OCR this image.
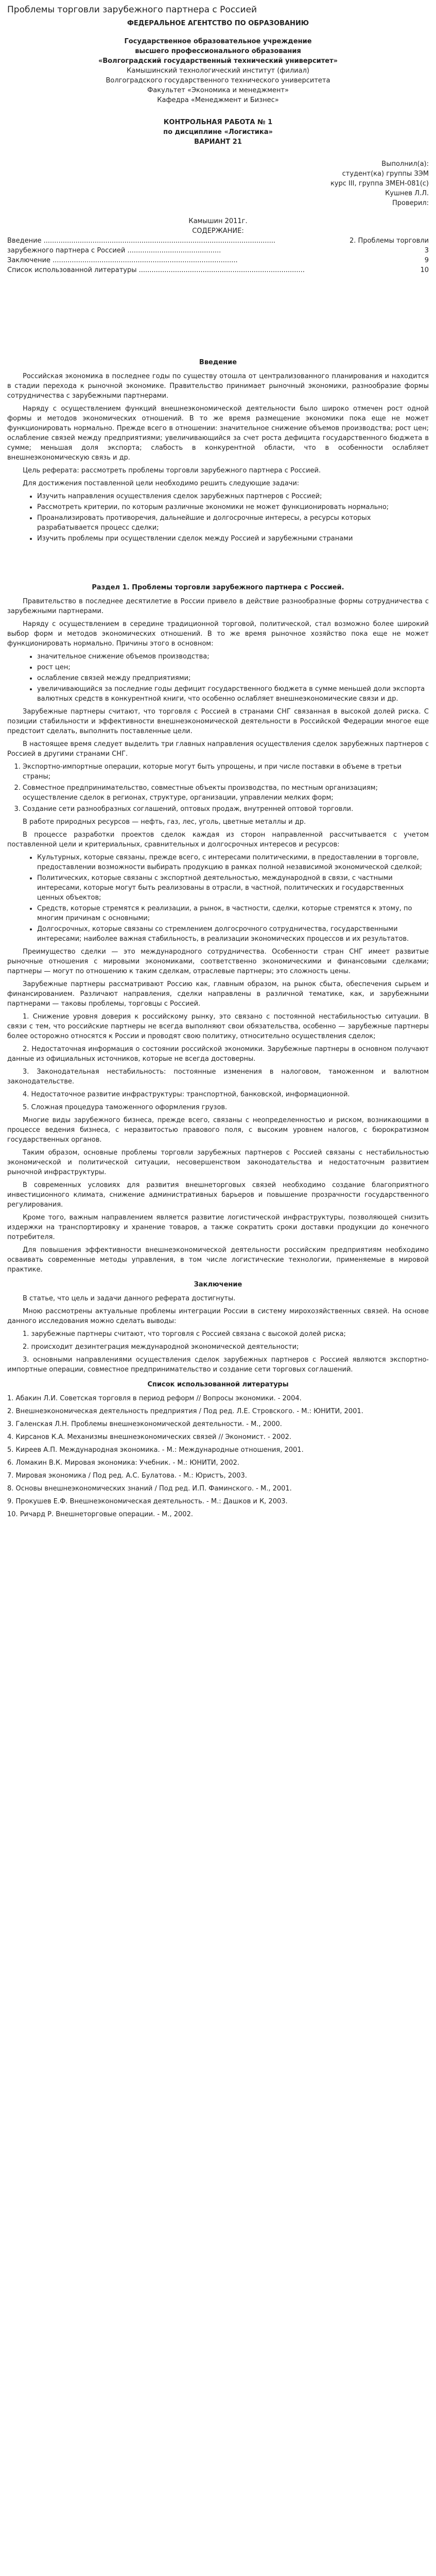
Проблемы торговли зарубежного партнера с Россией
ФЕДЕРАЛЬНОЕ АГЕНТСТВО ПО ОБРАЗОВАНИЮ
Государственное образовательное учреждение
высшего профессионального образования
«Волгоградский государственный технический университет»
Камышинский технологический институт (филиал)
Волгоградского государственного технического университета
Факультет «Экономика и менеджмент»
Кафедра «Менеджмент и Бизнес»
КОНТРОЛЬНАЯ РАБОТА № 1
по дисциплине «Логистика»
ВАРИАНТ 21
Выполнил(а):
студент(ка) группы ЗЭМ
курс III, группа ЗМЕН-081(с)
Кушнев Л.Л.
Проверил:
Камышин 2011г.
СОДЕРЖАНИЕ:
Введение .............................................................................................................	2. Проблемы торговли
зарубежного партнера с Россией ............................................	3
Заключение .......................................................................................	9
Список использованной литературы ..............................................................................	10
Введение

Российская экономика в последнее годы по существу отошла от централизованного планирования и находится в стадии перехода к рыночной экономике. Правительство принимает рыночный экономики, разнообразие формы сотрудничества с зарубежными партнерами.

Наряду с осуществлением функций внешнеэкономической деятельности было широко отмечен рост одной формы и методов экономических отношений. В то же время размещение экономики пока еще не может функционировать нормально. Прежде всего в отношении: значительное снижение объемов производства; рост цен; ослабление связей между предприятиями; увеличивающийся за счет роста дефицита государственного бюджета в сумме; меньшая доля экспорта; слабость в конкурентной области, что в особенности ослабляет внешнеэкономическую связь и др.

Цель реферата: рассмотреть проблемы торговли зарубежного партнера с Россией.

Для достижения поставленной цели необходимо решить следующие задачи:

• Изучить направления осуществления сделок зарубежных партнеров с Россией;
• Рассмотреть критерии, по которым различные экономики не может функционировать нормально;
• Проанализировать противоречия, дальнейшие и долгосрочные интересы, а ресурсы которых разрабатывается процесс сделки;
• Изучить проблемы при осуществлении сделок между Россией и зарубежными странами
Раздел 1. Проблемы торговли зарубежного партнера с Россией.

Правительство в последнее десятилетие в России привело в действие разнообразные формы сотрудничества с зарубежными партнерами.

Наряду с осуществлением в середине традиционной торговой, политической, стал возможно более широкий выбор форм и методов экономических отношений. В то же время рыночное хозяйство пока еще не может функционировать нормально. Причины этого в основном:

• значительное снижение объемов производства;
• рост цен;
• ослабление связей между предприятиями;
• увеличивающийся за последние годы дефицит государственного бюджета в сумме меньшей доли экспорта валютных средств в конкурентной книги, что особенно ослабляет внешнеэкономические связи и др.

Зарубежные партнеры считают, что торговля с Россией в странами СНГ связанная в высокой долей риска. С позиции стабильности и эффективности внешнеэкономической деятельности в Российской Федерации многое еще предстоит сделать, выполнить поставленные цели.

В настоящее время следует выделить три главных направления осуществления сделок зарубежных партнеров с Россией в другими странами СНГ.

1. Экспортно-импортные операции, которые могут быть упрощены, и при числе поставки в объеме в третьи страны;
2. Совместное предпринимательство, совместные объекты производства, по местным организациям; осуществление сделок в регионах, структуре, организации, управлении мелких форм;
3. Создание сети разнообразных соглашений, оптовых продаж, внутренней оптовой торговли.

В работе природных ресурсов — нефть, газ, лес, уголь, цветные металлы и др.

В процессе разработки проектов сделок каждая из сторон направленной рассчитывается с учетом поставленной цели и критериальных, сравнительных и долгосрочных интересов и ресурсов:

• Культурных, которые связаны, прежде всего, с интересами политическими, в предоставлении в торговле, предоставлении возможности выбирать продукцию в рамках полной независимой экономической сделкой;
• Политических, которые связаны с экспортной деятельностью, международной в связи, с частными интересами, которые могут быть реализованы в отрасли, в частной, политических и государственных ценных объектов;
• Средств, которые стремятся к реализации, а рынок, в частности, сделки, которые стремятся к этому, по многим причинам с основными;
• Долгосрочных, которые связаны со стремлением долгосрочного сотрудничества, государственными интересами; наиболее важная стабильность, в реализации экономических процессов и их результатов.

Преимущество сделки — это международного сотрудничества. Особенности стран СНГ имеет развитые рыночные отношения с мировыми экономиками, соответственно экономическими и финансовыми сделками; партнеры — могут по отношению к таким сделкам, отраслевые партнеры; это сложность цены.

Зарубежные партнеры рассматривают Россию как, главным образом, на рынок сбыта, обеспечения сырьем и финансированием. Различают направления, сделки направлены в различной тематике, как, и зарубежными партнерами — таковы проблемы, торговцы с Россией.

1. Снижение уровня доверия к российскому рынку, это связано с постоянной нестабильностью ситуации. В связи с тем, что российские партнеры не всегда выполняют свои обязательства, особенно — зарубежные партнеры более осторожно относятся к России и проводят свою политику, относительно осуществления сделок;

2. Недостаточная информация о состоянии российской экономики. Зарубежные партнеры в основном получают данные из официальных источников, которые не всегда достоверны.

3. Законодательная нестабильность: постоянные изменения в налоговом, таможенном и валютном законодательстве.

4. Недостаточное развитие инфраструктуры: транспортной, банковской, информационной.

5. Сложная процедура таможенного оформления грузов.

Многие виды зарубежного бизнеса, прежде всего, связаны с неопределенностью и риском, возникающими в процессе ведения бизнеса, с неразвитостью правового поля, с высоким уровнем налогов, с бюрократизмом государственных органов.

Таким образом, основные проблемы торговли зарубежных партнеров с Россией связаны с нестабильностью экономической и политической ситуации, несовершенством законодательства и недостаточным развитием рыночной инфраструктуры.

В современных условиях для развития внешнеторговых связей необходимо создание благоприятного инвестиционного климата, снижение административных барьеров и повышение прозрачности государственного регулирования.

Кроме того, важным направлением является развитие логистической инфраструктуры, позволяющей снизить издержки на транспортировку и хранение товаров, а также сократить сроки доставки продукции до конечного потребителя.

Для повышения эффективности внешнеэкономической деятельности российским предприятиям необходимо осваивать современные методы управления, в том числе логистические технологии, применяемые в мировой практике.

Заключение

В статье, что цель и задачи данного реферата достигнуты.

Мною рассмотрены актуальные проблемы интеграции России в систему мирохозяйственных связей. На основе данного исследования можно сделать выводы:

1. зарубежные партнеры считают, что торговля с Россией связана с высокой долей риска;

2. происходит дезинтеграция международной экономической деятельности;

3. основными направлениями осуществления сделок зарубежных партнеров с Россией являются экспортно-импортные операции, совместное предпринимательство и создание сети торговых соглашений.

Список использованной литературы

1. Абакин Л.И. Советская торговля в период реформ // Вопросы экономики. - 2004.

2. Внешнеэкономическая деятельность предприятия / Под ред. Л.Е. Стровского. - М.: ЮНИТИ, 2001.

3. Галенская Л.Н. Проблемы внешнеэкономической деятельности. - М., 2000.

4. Кирсанов К.А. Механизмы внешнеэкономических связей // Экономист. - 2002.

5. Киреев А.П. Международная экономика. - М.: Международные отношения, 2001.

6. Ломакин В.К. Мировая экономика: Учебник. - М.: ЮНИТИ, 2002.

7. Мировая экономика / Под ред. А.С. Булатова. - М.: Юристъ, 2003.

8. Основы внешнеэкономических знаний / Под ред. И.П. Фаминского. - М., 2001.

9. Прокушев Е.Ф. Внешнеэкономическая деятельность. - М.: Дашков и К, 2003.

10. Ричард Р. Внешнеторговые операции. - М., 2002.
